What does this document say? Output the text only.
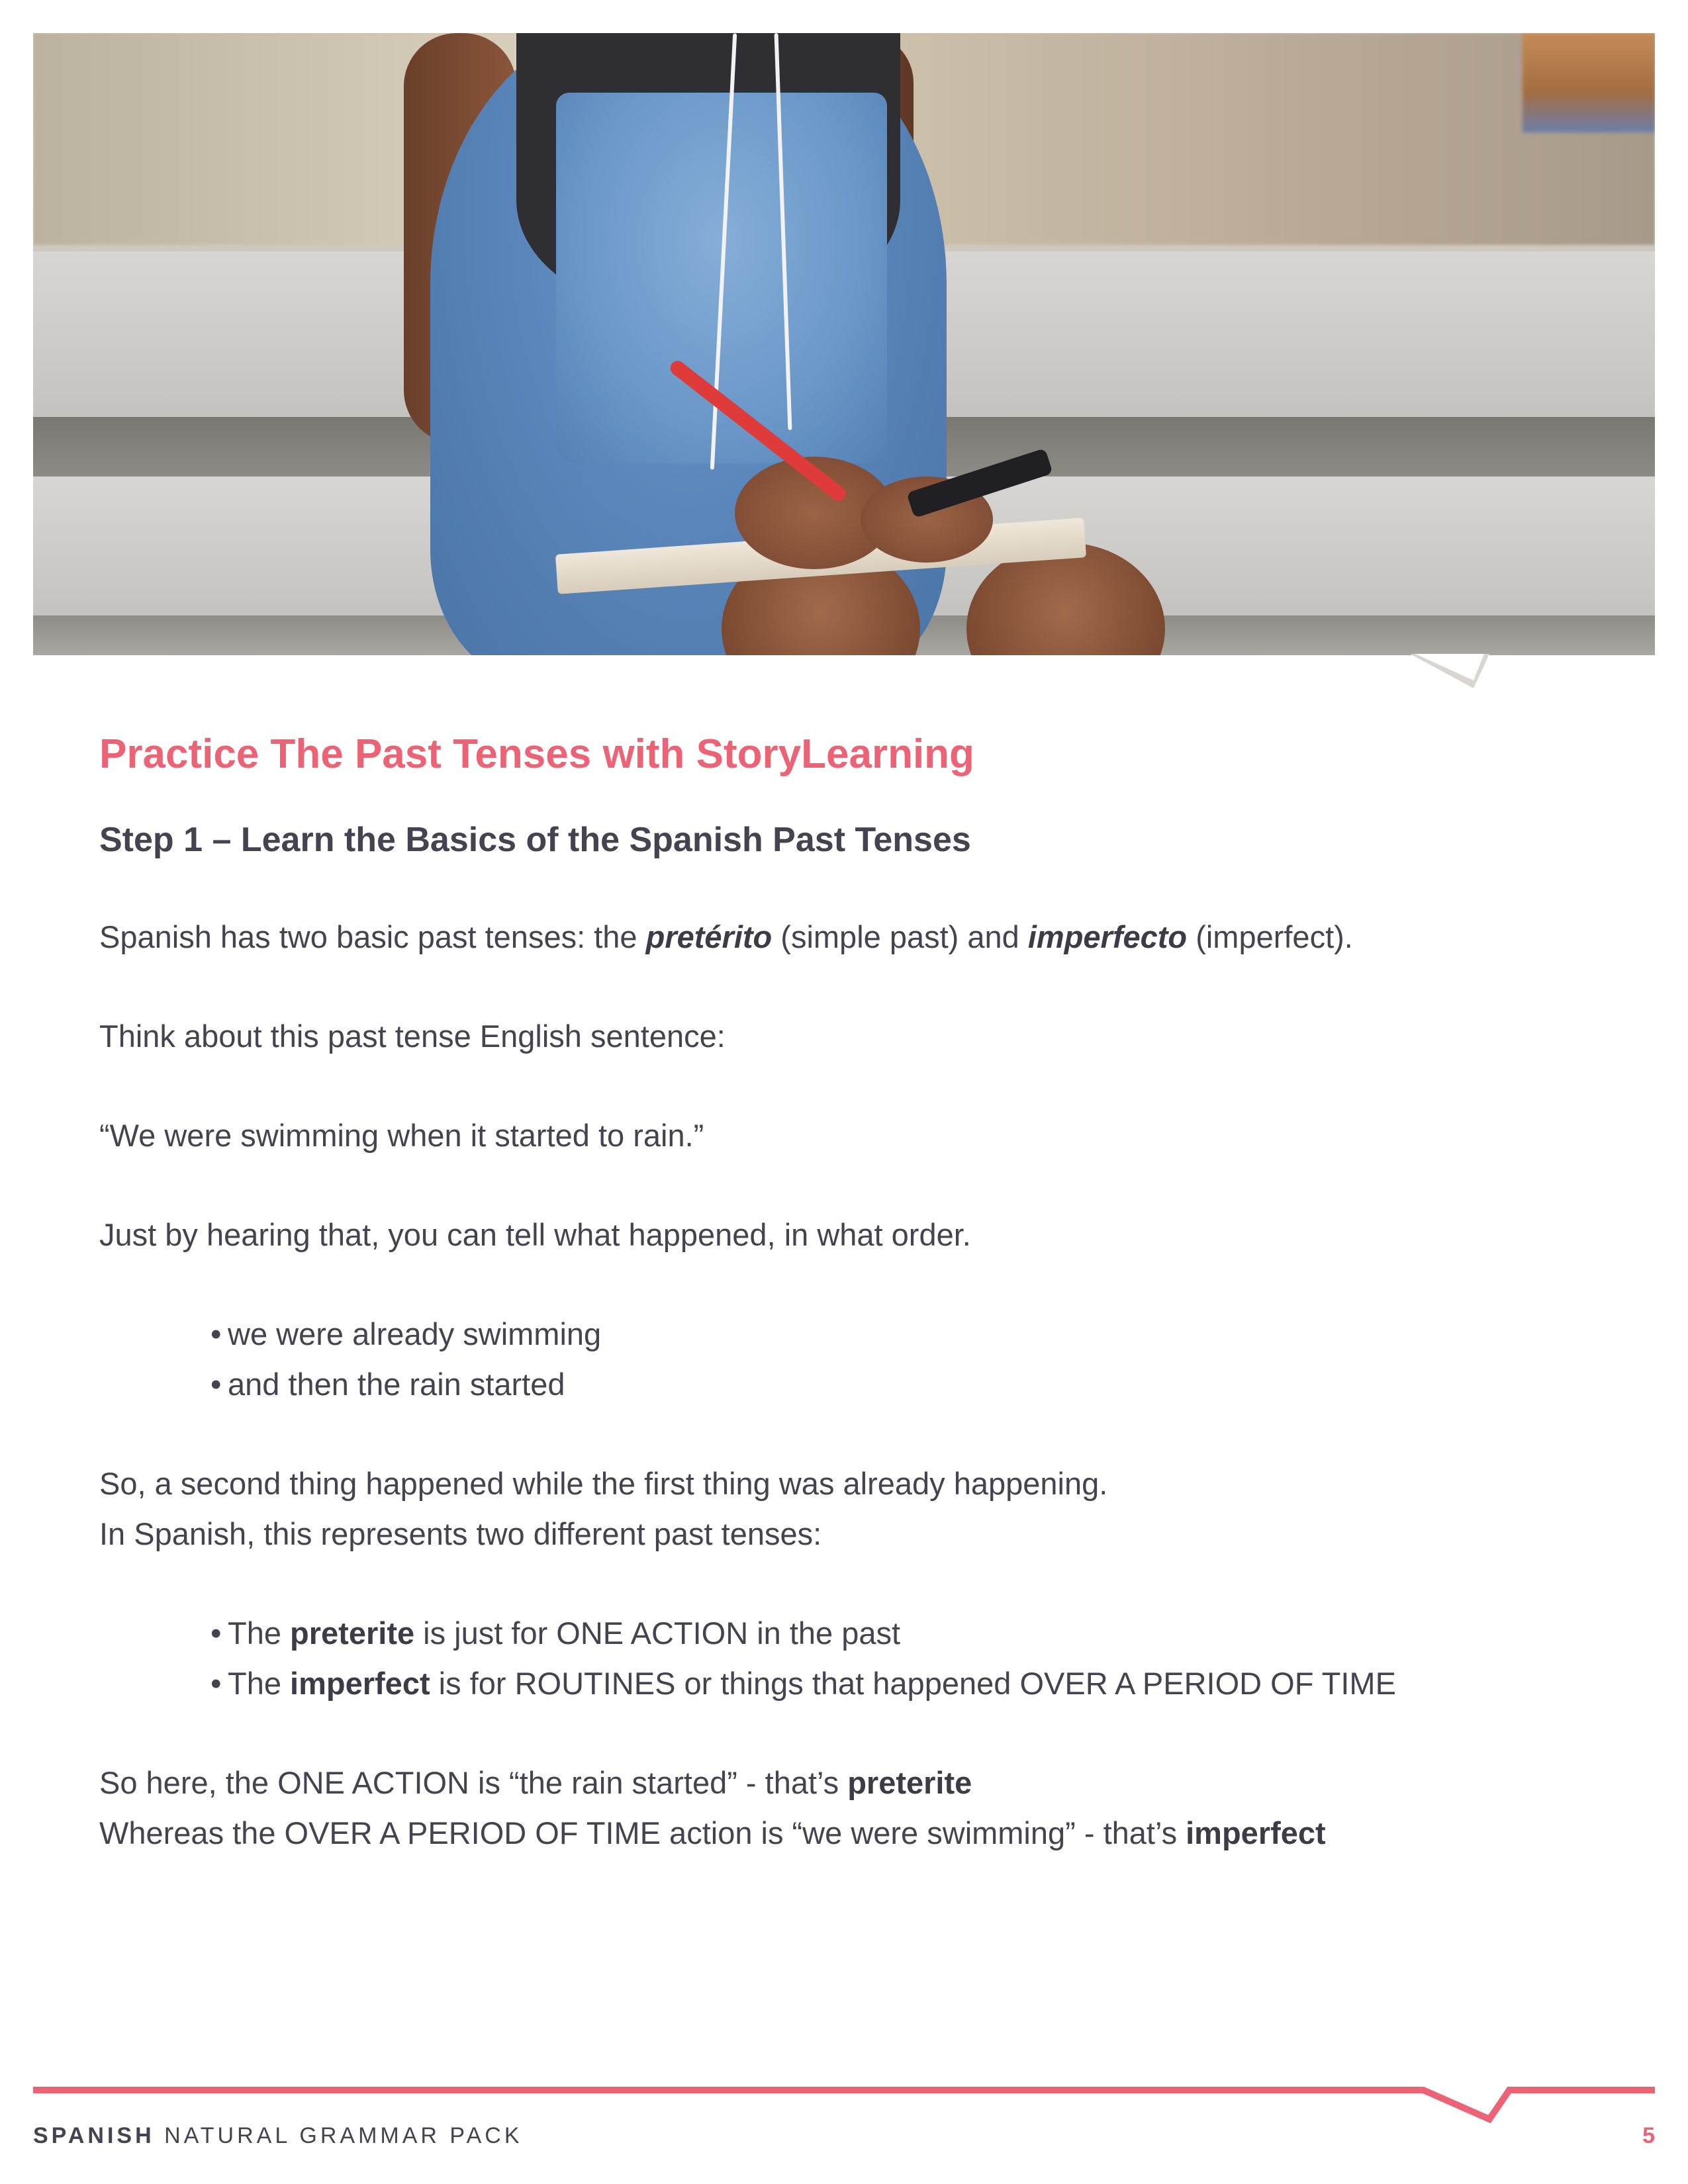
Practice The Past Tenses with StoryLearning
Step 1 – Learn the Basics of the Spanish Past Tenses

Spanish has two basic past tenses: the pretérito (simple past) and imperfecto (imperfect).

Think about this past tense English sentence:

“We were swimming when it started to rain.”

Just by hearing that, you can tell what happened, in what order.

• we were already swimming
• and then the rain started

So, a second thing happened while the first thing was already happening.

In Spanish, this represents two different past tenses:

• The preterite is just for ONE ACTION in the past
• The imperfect is for ROUTINES or things that happened OVER A PERIOD OF TIME

So here, the ONE ACTION is “the rain started” - that’s preterite

Whereas the OVER A PERIOD OF TIME action is “we were swimming” - that’s imperfect

SPANISH NATURAL GRAMMAR PACK	5
